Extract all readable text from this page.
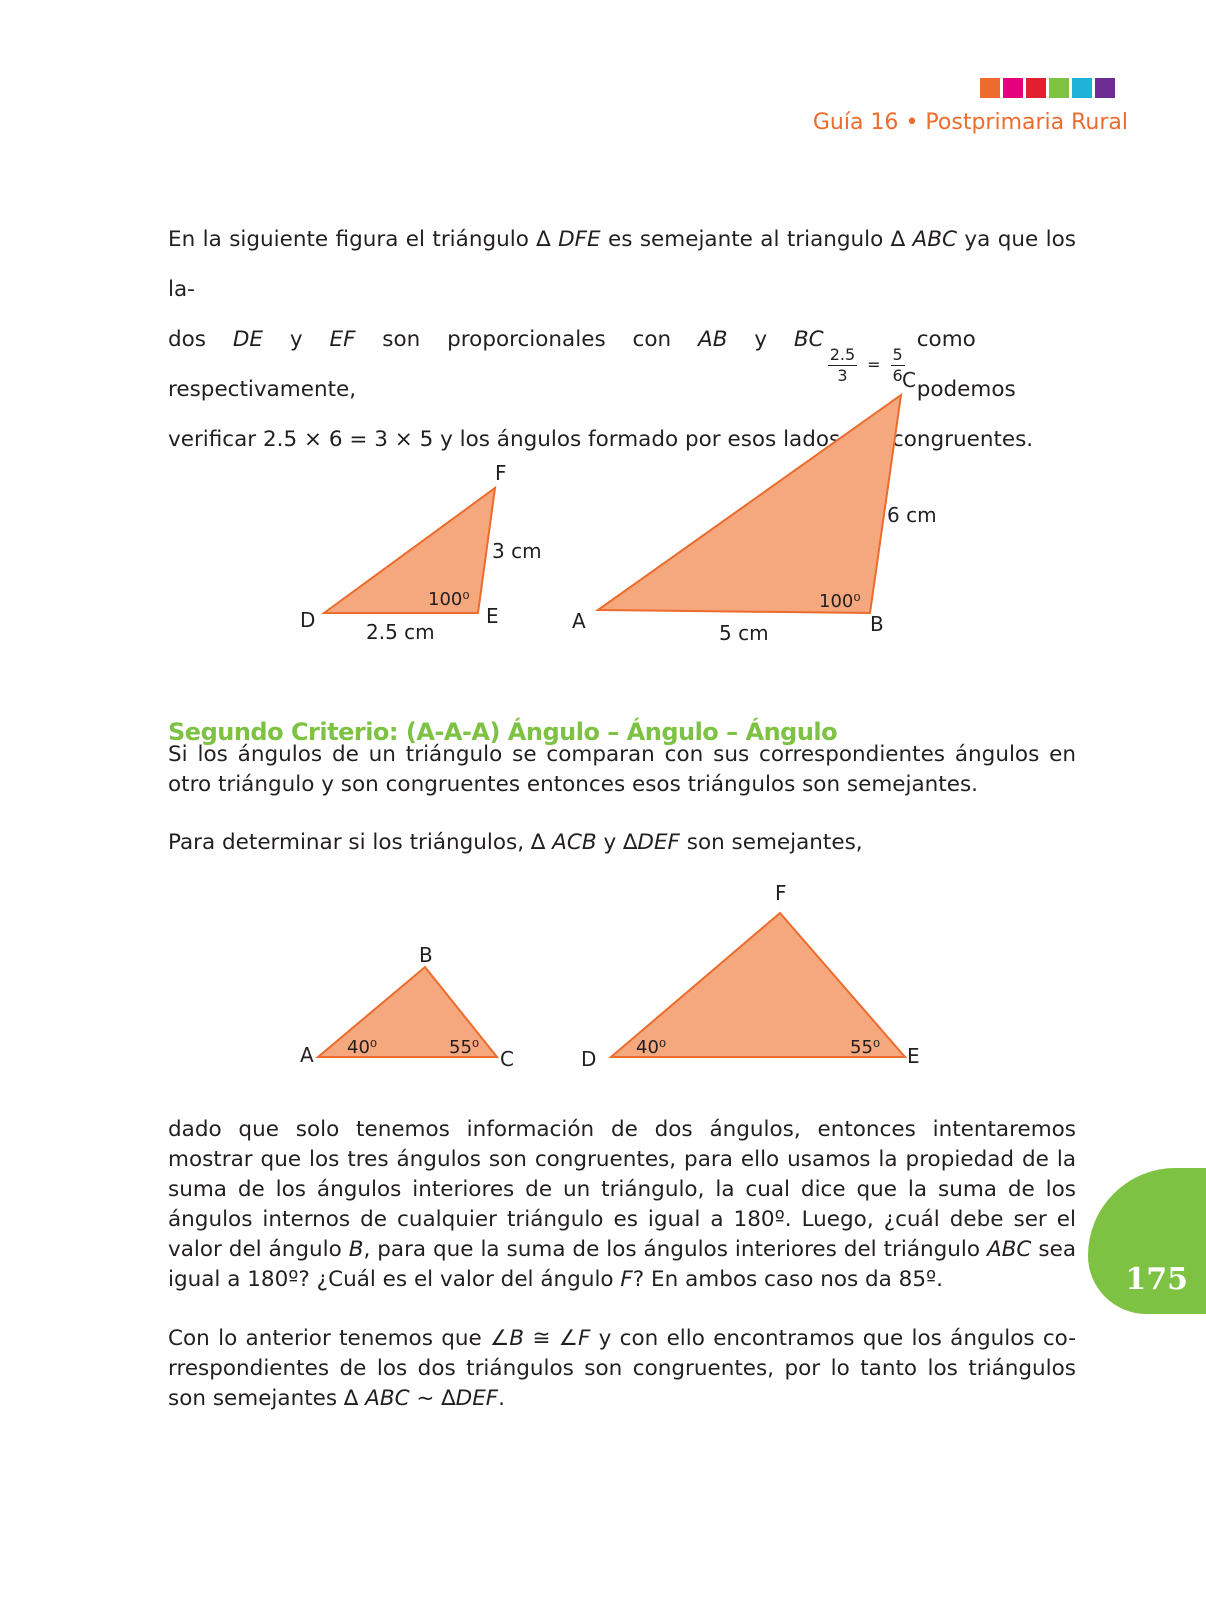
Guía 16 • Postprimaria Rural
En la siguiente figura el triángulo ∆ DFE es semejante al triangulo ∆ ABC ya que los la-
dos DE y EF son proporcionales con AB y BC respectivamente,
$\frac{2.5}{3} = \frac{5}{6}$
como podemos
verificar 2.5 × 6 = 3 × 5 y los ángulos formado por esos lados son congruentes.
D
F
E
2.5 cm
3 cm
100⁰
A
C
B
5 cm
6 cm
100⁰
Segundo Criterio: (A-A-A) Ángulo – Ángulo – Ángulo
Si los ángulos de un triángulo se comparan con sus correspondientes ángulos en otro triángulo y son congruentes entonces esos triángulos son semejantes.
Para determinar si los triángulos, ∆ ACB y ∆DEF son semejantes,
A
B
C
40⁰	55⁰	D
F
E
40⁰	55⁰
dado que solo tenemos información de dos ángulos, entonces intentaremos mostrar que los tres ángulos son congruentes, para ello usamos la propiedad de la suma de los ángulos interiores de un triángulo, la cual dice que la suma de los ángulos internos de cualquier triángulo es igual a 180º. Luego, ¿cuál debe ser el valor del ángulo B, para que la suma de los ángulos interiores del triángulo ABC sea igual a 180º? ¿Cuál es el valor del ángulo F? En ambos caso nos da 85º.
Con lo anterior tenemos que ∠B ≅ ∠F y con ello encontramos que los ángulos co-rrespondientes de los dos triángulos son congruentes, por lo tanto los triángulos son semejantes ∆ ABC ~ ∆DEF.
175
